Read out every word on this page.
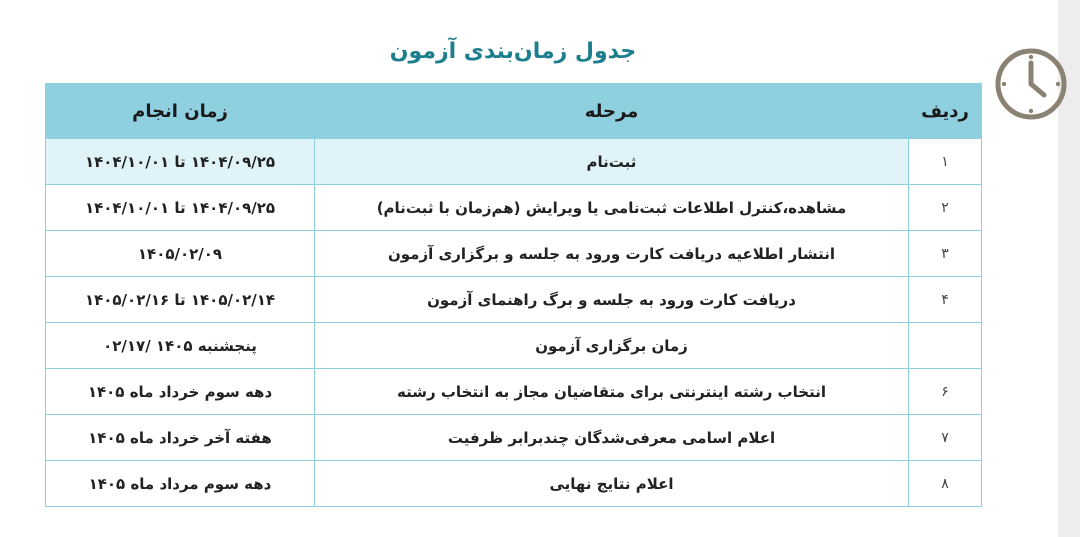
جدول زمان‌بندی آزمون
ردیف	مرحله	زمان انجام
۱	ثبت‌نام	۱۴۰۴/۰۹/۲۵ تا ۱۴۰۴/۱۰/۰۱
۲	مشاهده،کنترل اطلاعات ثبت‌نامی یا ویرایش (هم‌زمان با ثبت‌نام)	۱۴۰۴/۰۹/۲۵ تا ۱۴۰۴/۱۰/۰۱
۳	انتشار اطلاعیه دریافت کارت ورود به جلسه و برگزاری آزمون	۱۴۰۵/۰۲/۰۹
۴	دریافت کارت ورود به جلسه و برگ راهنمای آزمون	۱۴۰۵/۰۲/۱۴ تا ۱۴۰۵/۰۲/۱۶
	زمان برگزاری آزمون	پنجشنبه ۱۴۰۵ /۰۲/۱۷
۶	انتخاب رشته اینترنتی برای متقاضیان مجاز به انتخاب رشته	دهه سوم خرداد ماه ۱۴۰۵
۷	اعلام اسامی معرفی‌شدگان چندبرابر ظرفیت	هفته آخر خرداد ماه ۱۴۰۵
۸	اعلام نتایج نهایی	دهه سوم مرداد ماه ۱۴۰۵
